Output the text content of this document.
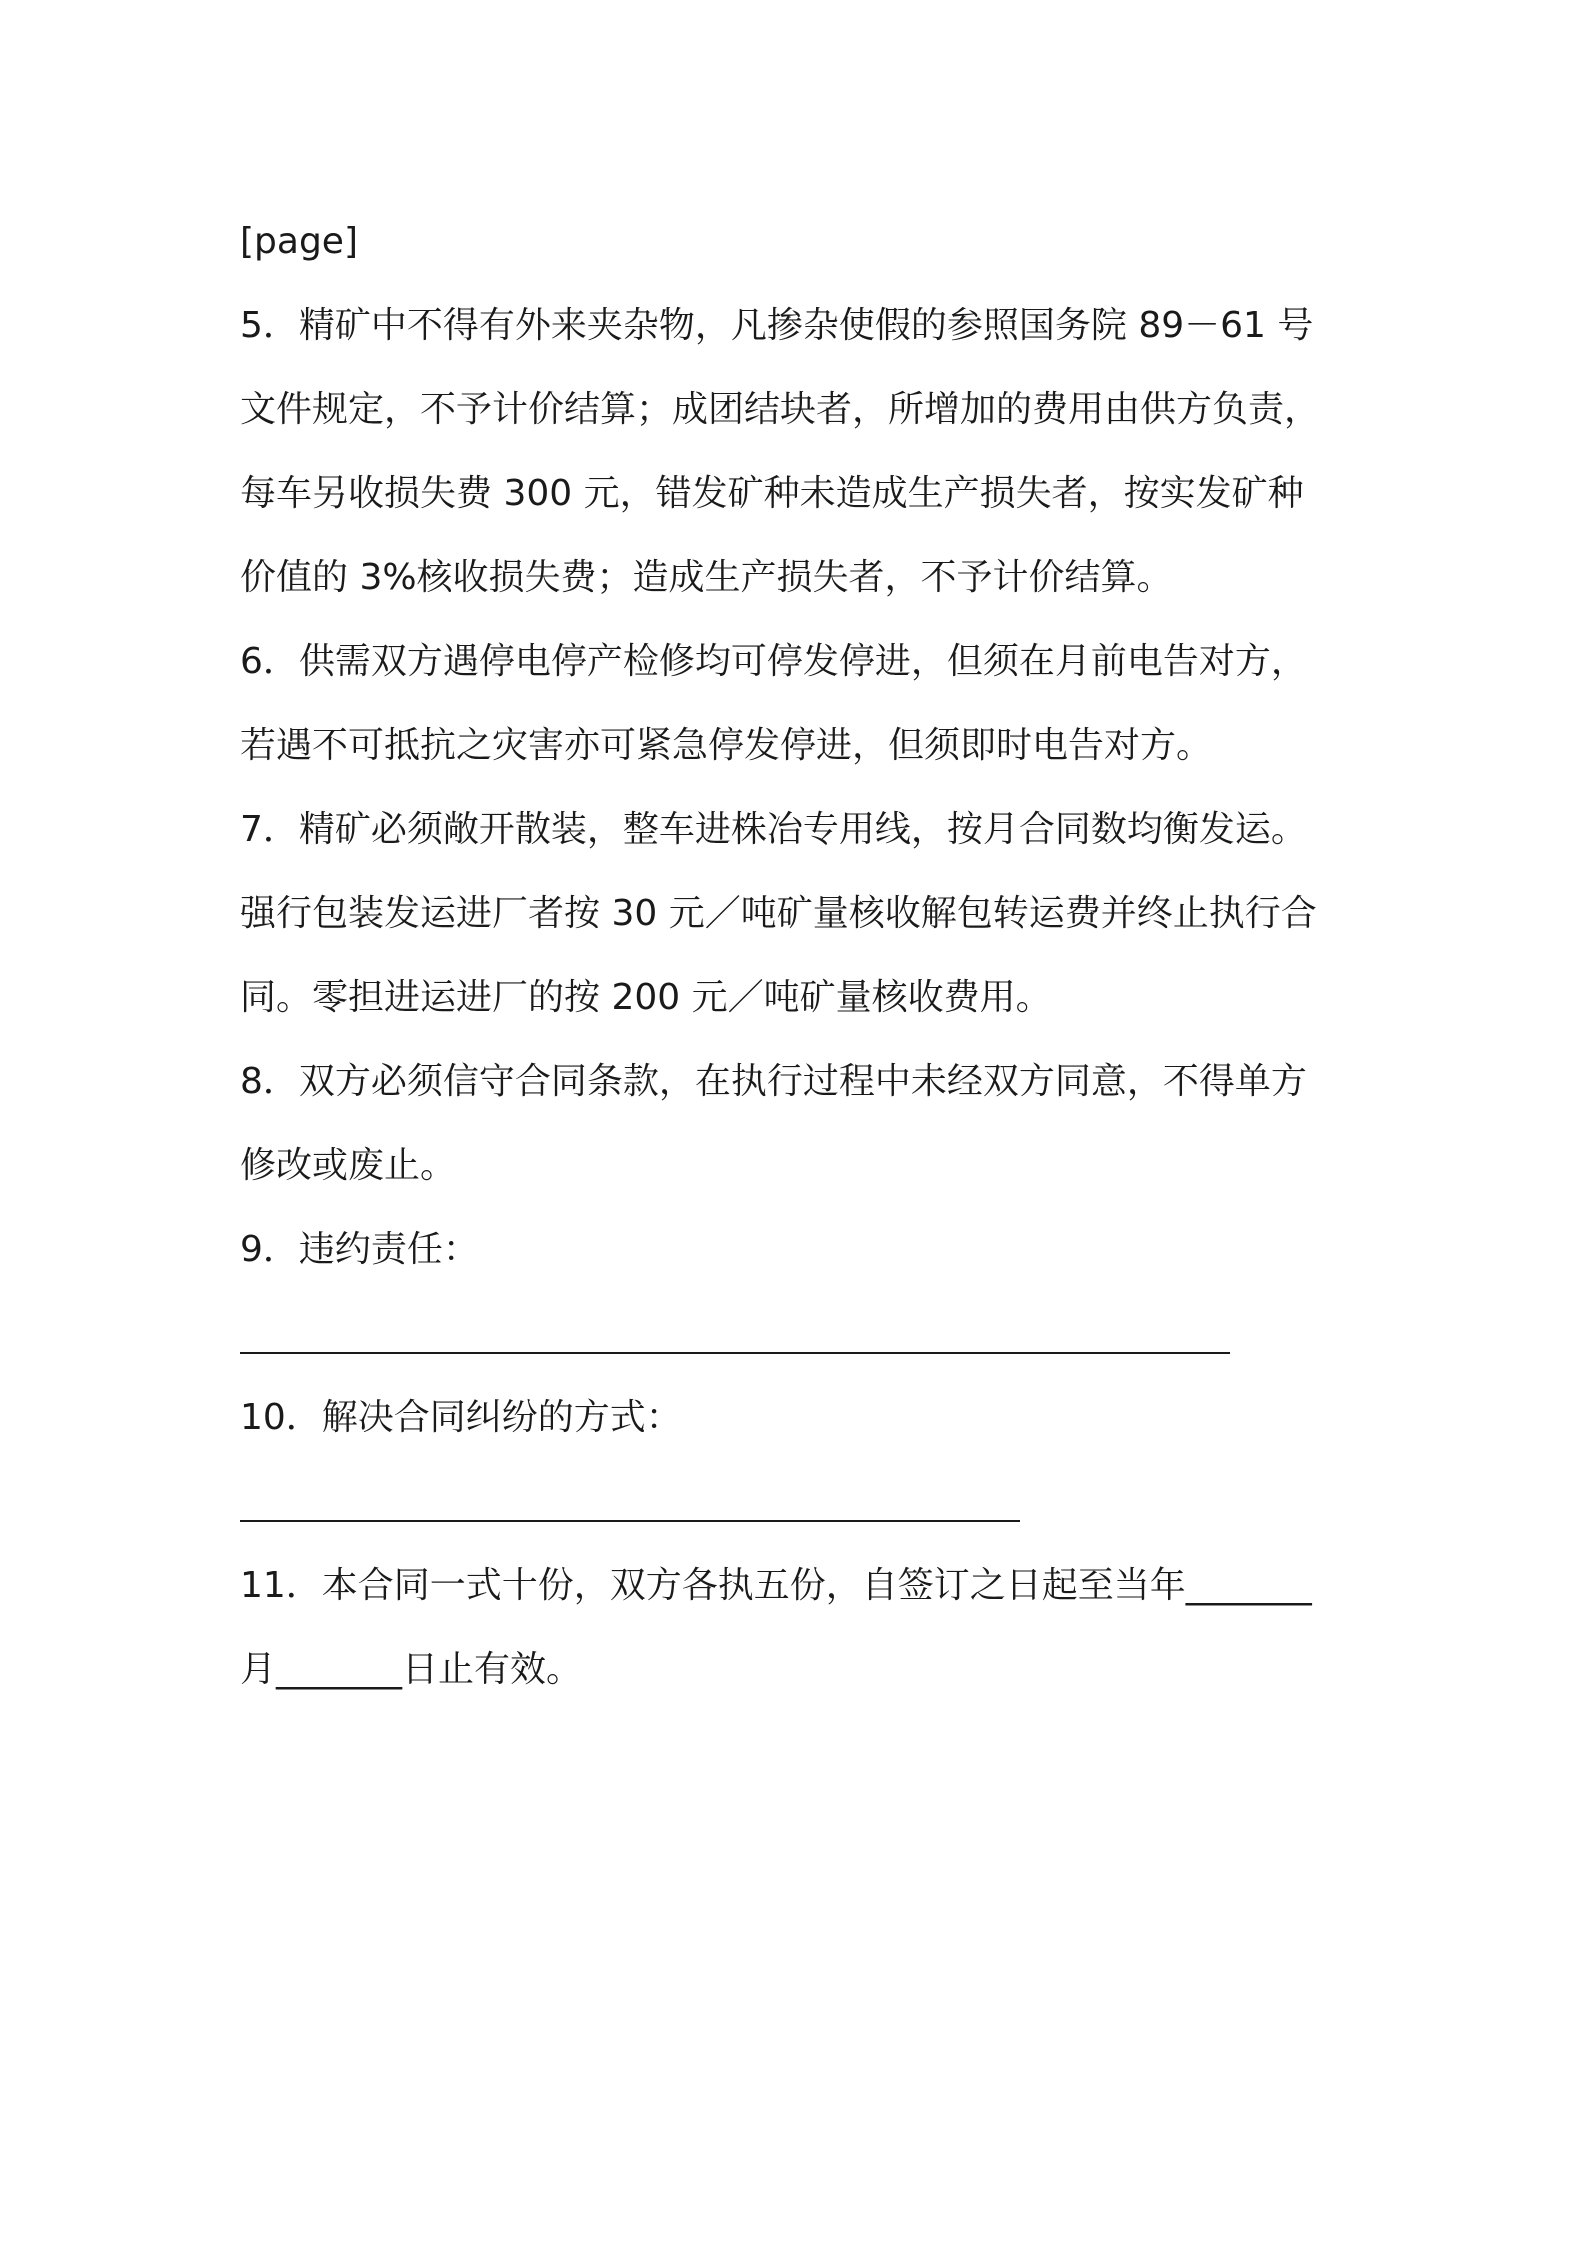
[page]
5．精矿中不得有外来夹杂物，凡掺杂使假的参照国务院 89－61 号
文件规定，不予计价结算；成团结块者，所增加的费用由供方负责，
每车另收损失费 300 元，错发矿种未造成生产损失者，按实发矿种
价值的 3%核收损失费；造成生产损失者，不予计价结算。
6．供需双方遇停电停产检修均可停发停进，但须在月前电告对方，
若遇不可抵抗之灾害亦可紧急停发停进，但须即时电告对方。
7．精矿必须敞开散装，整车进株冶专用线，按月合同数均衡发运。
强行包装发运进厂者按 30 元／吨矿量核收解包转运费并终止执行合
同。零担进运进厂的按 200 元／吨矿量核收费用。
8．双方必须信守合同条款，在执行过程中未经双方同意，不得单方
修改或废止。
9．违约责任：
10．解决合同纠纷的方式：
11．本合同一式十份，双方各执五份，自签订之日起至当年_______
月_______日止有效。
